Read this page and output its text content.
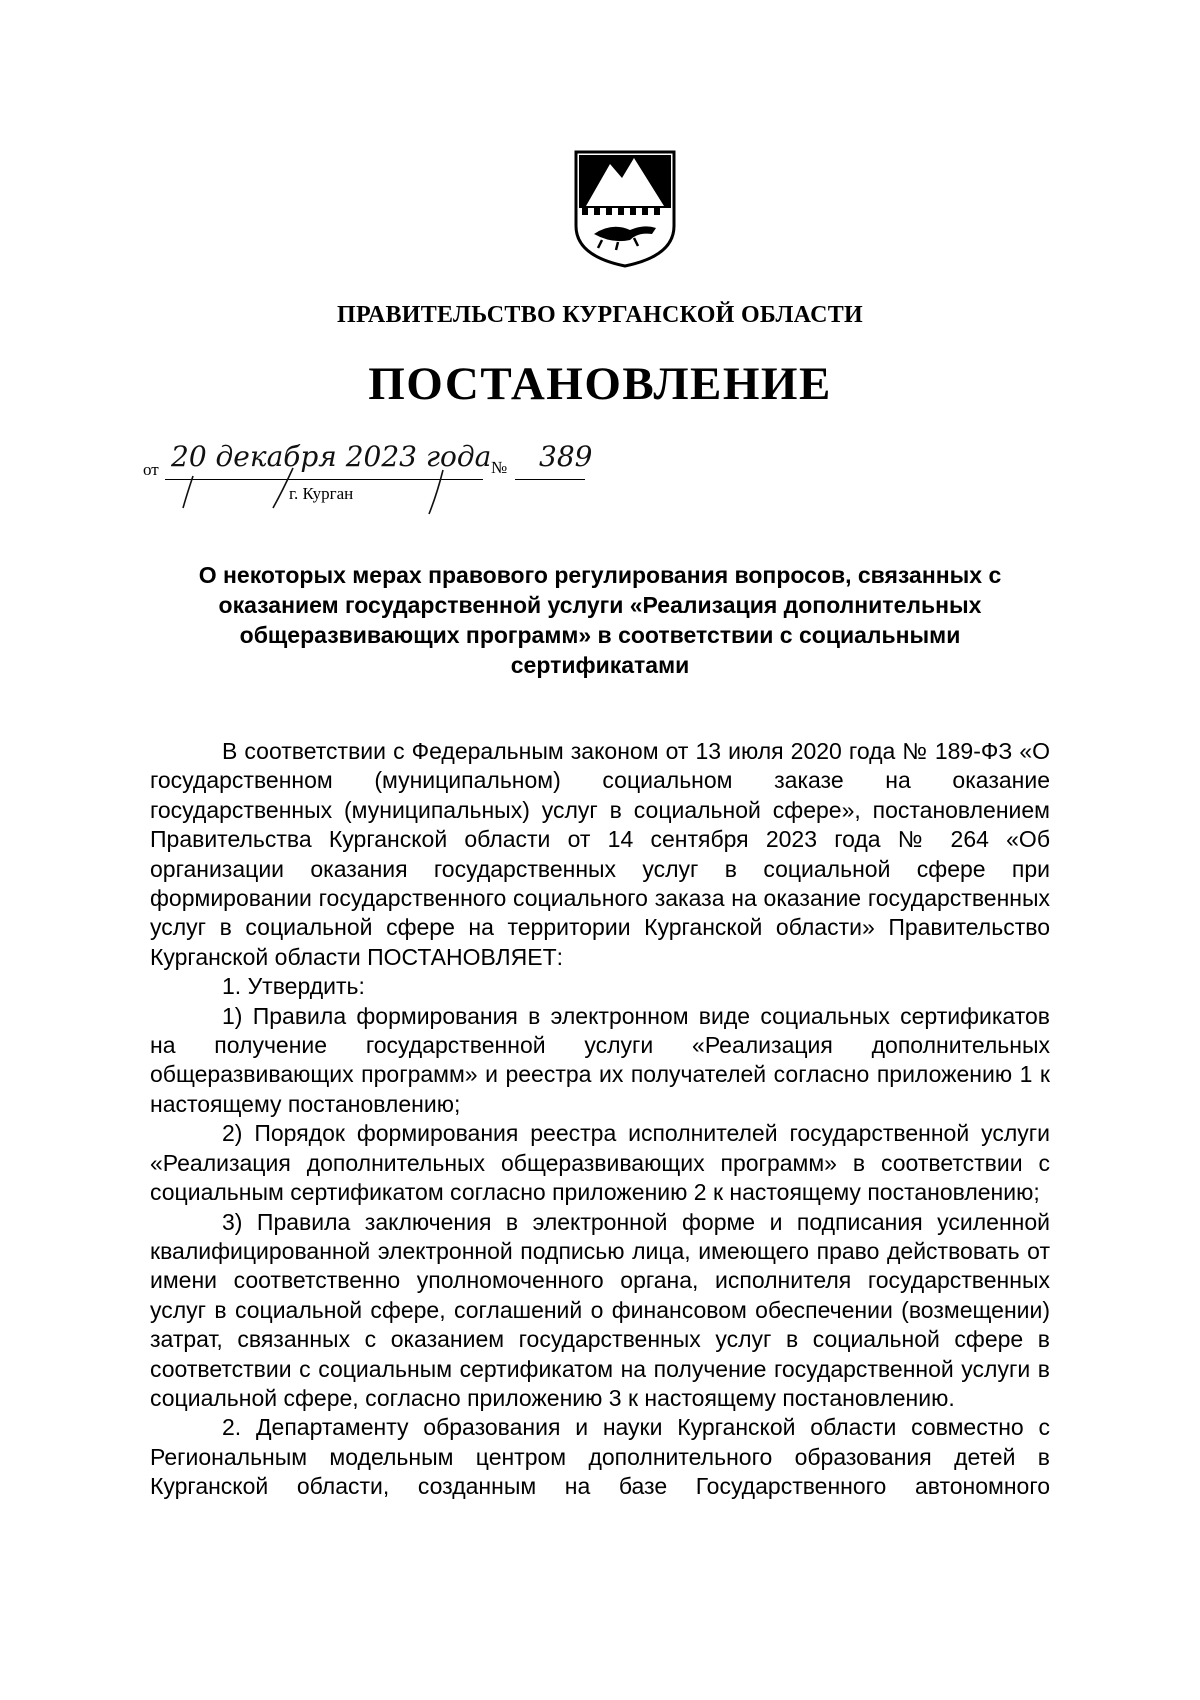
ПРАВИТЕЛЬСТВО КУРГАНСКОЙ ОБЛАСТИ
ПОСТАНОВЛЕНИЕ
от 20 декабря 2023 года № 389
г. Курган
О некоторых мерах правового регулирования вопросов, связанных с оказанием государственной услуги «Реализация дополнительных общеразвивающих программ» в соответствии с социальными сертификатами

В соответствии с Федеральным законом от 13 июля 2020 года № 189-ФЗ «О государственном (муниципальном) социальном заказе на оказание государственных (муниципальных) услуг в социальной сфере», постановлением Правительства Курганской области от 14 сентября 2023 года № 264 «Об организации оказания государственных услуг в социальной сфере при формировании государственного социального заказа на оказание государственных услуг в социальной сфере на территории Курганской области» Правительство Курганской области ПОСТАНОВЛЯЕТ:

1. Утвердить:

1) Правила формирования в электронном виде социальных сертификатов на получение государственной услуги «Реализация дополнительных общеразвивающих программ» и реестра их получателей согласно приложению 1 к настоящему постановлению;

2) Порядок формирования реестра исполнителей государственной услуги «Реализация дополнительных общеразвивающих программ» в соответствии с социальным сертификатом согласно приложению 2 к настоящему постановлению;

3) Правила заключения в электронной форме и подписания усиленной квалифицированной электронной подписью лица, имеющего право действовать от имени соответственно уполномоченного органа, исполнителя государственных услуг в социальной сфере, соглашений о финансовом обеспечении (возмещении) затрат, связанных с оказанием государственных услуг в социальной сфере в соответствии с социальным сертификатом на получение государственной услуги в социальной сфере, согласно приложению 3 к настоящему постановлению.

2. Департаменту образования и науки Курганской области совместно с Региональным модельным центром дополнительного образования детей в Курганской области, созданным на базе Государственного автономного
